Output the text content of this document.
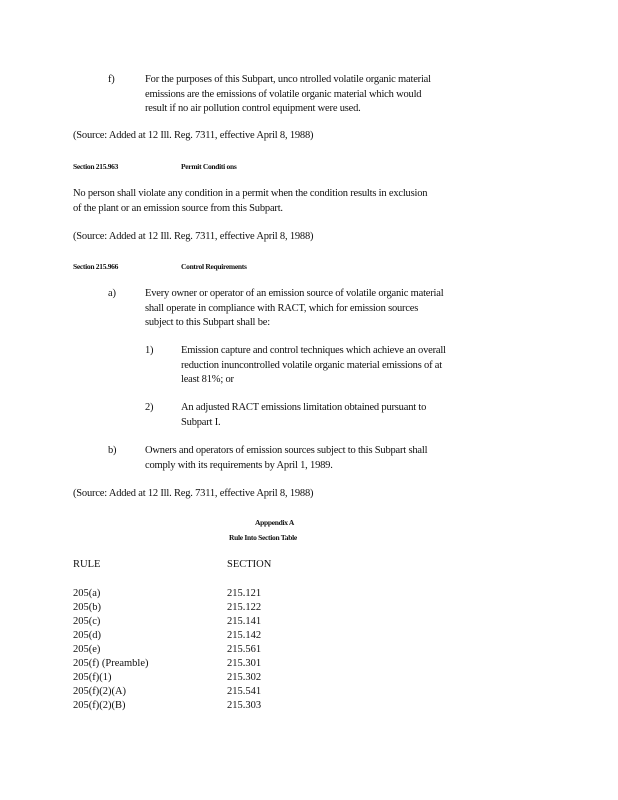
f)	For the purposes of this Subpart, unco ntrolled volatile organic material
emissions are the emissions of volatile organic material which would
result if no air pollution control equipment were used.
(Source: Added at 12 Ill. Reg. 7311, effective April 8, 1988)
Section 215.963	Permit Conditi ons
No person shall violate any condition in a permit when the condition results in exclusion
of the plant or an emission source from this Subpart.
(Source: Added at 12 Ill. Reg. 7311, effective April 8, 1988)
Section 215.966	Control Requirements
a)	Every owner or operator of an emission source of volatile organic material
shall operate in compliance with RACT, which for emission sources
subject to this Subpart shall be:
1)	Emission capture and control techniques which achieve an overall
reduction inuncontrolled volatile organic material emissions of at
least 81%; or
2)	An adjusted RACT emissions limitation obtained pursuant to
Subpart I.
b)	Owners and operators of emission sources subject to this Subpart shall
comply with its requirements by April 1, 1989.
(Source: Added at 12 Ill. Reg. 7311, effective April 8, 1988)
Apppendix A
Rule Into Section Table
RULE	SECTION
205(a)	215.121
205(b)	215.122
205(c)	215.141
205(d)	215.142
205(e)	215.561
205(f) (Preamble)	215.301
205(f)(1)	215.302
205(f)(2)(A)	215.541
205(f)(2)(B)	215.303
